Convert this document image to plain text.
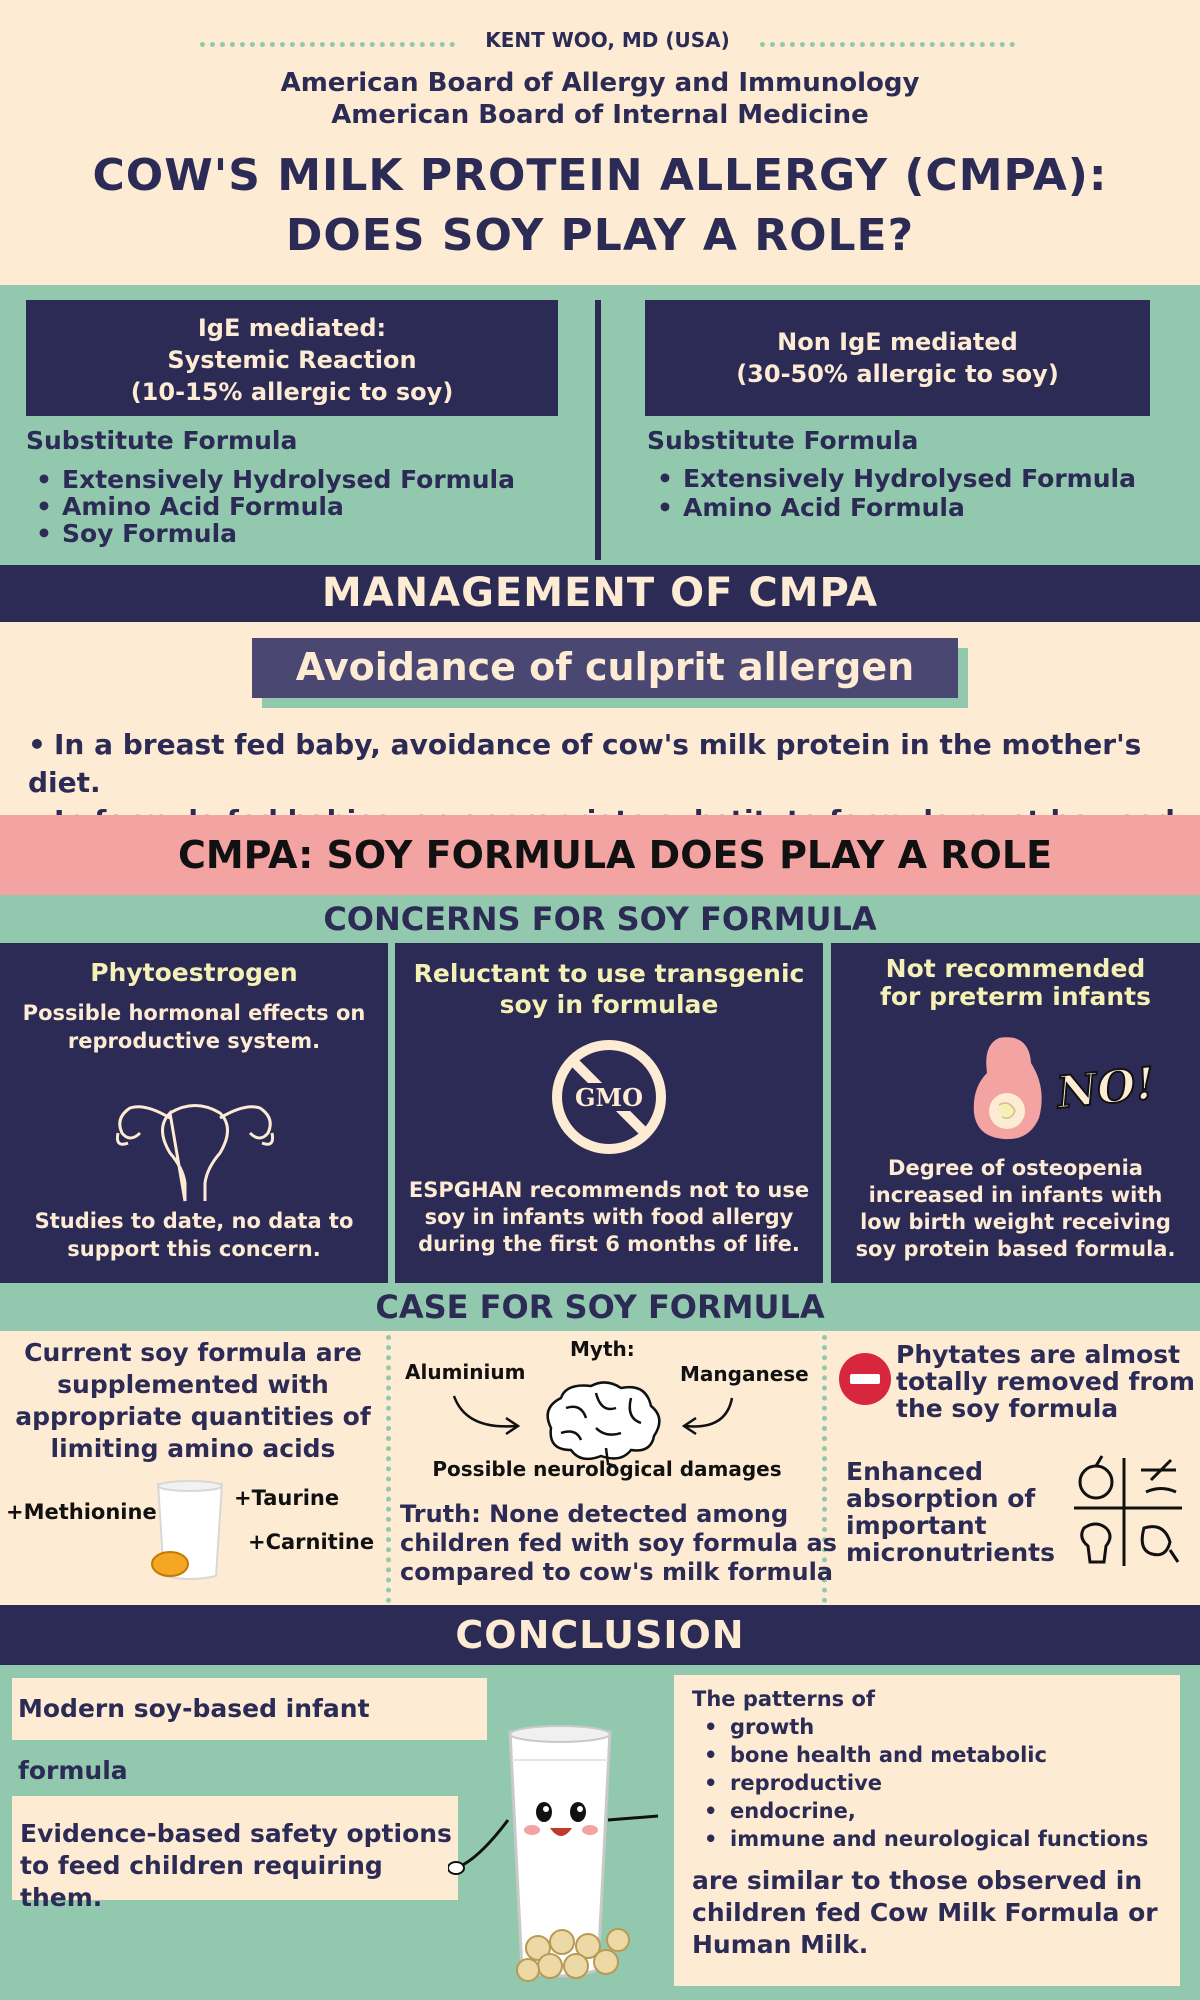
KENT WOO, MD (USA)
American Board of Allergy and Immunology
American Board of Internal Medicine
COW'S MILK PROTEIN ALLERGY (CMPA):
DOES SOY PLAY A ROLE?
IgE mediated:
Systemic Reaction
(10-15% allergic to soy)
Substitute Formula
• Extensively Hydrolysed Formula
• Amino Acid Formula
• Soy Formula
Non IgE mediated
(30-50% allergic to soy)
Substitute Formula
• Extensively Hydrolysed Formula
• Amino Acid Formula
MANAGEMENT OF CMPA
Avoidance of culprit allergen
• In a breast fed baby, avoidance of cow's milk protein in the mother's diet.
•
CMPA: SOY FORMULA DOES PLAY A ROLE
CONCERNS FOR SOY FORMULA
Phytoestrogen
Possible hormonal effects on
reproductive system.
Studies to date, no data to
support this concern.
Reluctant to use transgenic
soy in formulae
GMO
ESPGHAN recommends not to use
soy in infants with food allergy
during the first 6 months of life.
Not recommended
for preterm infants
NO!
Degree of osteopenia
increased in infants with
low birth weight receiving
soy protein based formula.
CASE FOR SOY FORMULA
Current soy formula are
supplemented with
appropriate quantities of
limiting amino acids
+Methionine
+Taurine
+Carnitine
Myth:
Aluminium	Manganese
Possible neurological damages
Truth: None detected among
children fed with soy formula as
compared to cow's milk formula
Phytates are almost
totally removed from
the soy formula
Enhanced
absorption of
important
micronutrients
CONCLUSION
Modern soy-based infant formula
Evidence-based safety options
to feed children requiring them.
The patterns of
• growth
• bone health and metabolic
• reproductive
• endocrine,
• immune and neurological functions
are similar to those observed in
children fed Cow Milk Formula or
Human Milk.
